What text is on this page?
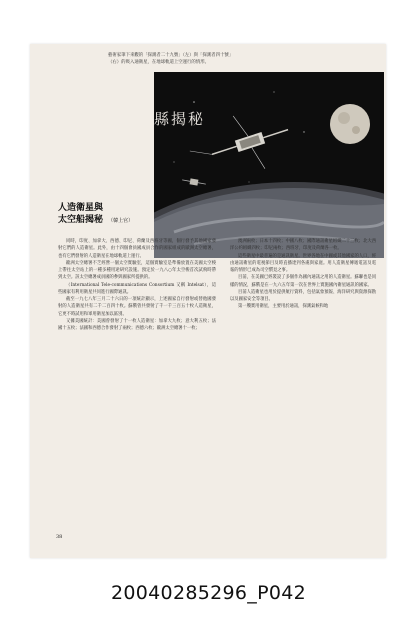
藝術家筆下來觀的「探測者二十九號」（左）與「探測者四十號」（右）的吸入通衛星，在地球軌道上空運行的情形。
縣揭秘
人造衛星與
太空船揭秘 （韓上官）

同時，印度、加拿大、西德、印尼、荷蘭及西班牙等國，個行發予其他國家發射它們的人造衛星。此外，由十四個會員國成員合作的國家組成的歐洲太空總署，也有它們發射的人造衛星在地球軌道上運行。

歐洲太空總署不乏經營一個太空實驗室，這個實驗室是準備放置在美國太空梭上帶往太空站上的一種多種用途研究設施。預定於一九八○年太空梭首次試飛時帶到太空。該太空總署成員國的參與國家所提供的。

（International Tele-communications Consortium 又稱 Intelsat），這些國家有利用衛星共同進行國際通訊。

截至一九七八年三月二十六日的一項統計顯示，上述國家自行發射或替他國發射的人造衛星共有二千二百四十枚。蘇俄曾共發射了千一千三百五十枚人造衛星，它更不時試用和軍用衛星加以區別。

又據美國統計：美國曾發射了十一枚人造衛星：加拿大九枚；意大利五枚；法國十五枚；法國和西德合作發射了兩枚；西德六枚；歐洲太空總署十一枚；

澳洲兩枚；日本十四枚；中國八枚；國際通訊衛星組織二十三枚；北大西洋公約組織四枚；印尼兩枚；西班牙、印度及荷蘭各一枚。

這些衛星中最普遍的是通訊衛星。世界各地在中國或其他國家的人口，經由通訊衛星的電視節目及時直播達到各處與家庭。用人造衛星傳遞電話及電報的情形已成為司空慣見之事。

目前，在美國已經裝設了多個作為國內通訊之用的人造衛星。蘇聯也是同樣的情況，蘇俄是在一九六五年第一次在世界上實施國內衛星通訊的國家。

目前人造衛星也用於提供航行資料，包括氣象預報、海洋研究與資源探勘以及國家安全等項目。

第一艘實用衛星，主要用於通訊，探測氣候和地

38
20040285296_P042
